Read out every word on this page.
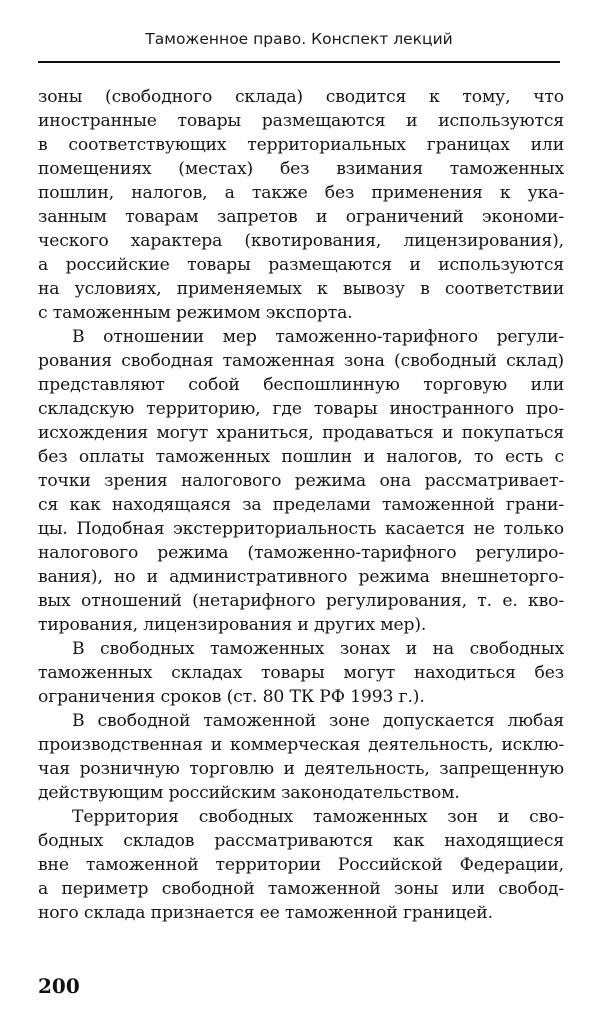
Таможенное право. Конспект лекций
зоны (свободного склада) сводится к тому, что
иностранные товары размещаются и используются
в соответствующих территориальных границах или
помещениях (местах) без взимания таможенных
пошлин, налогов, а также без применения к ука-
занным товарам запретов и ограничений экономи-
ческого характера (квотирования, лицензирования),
а российские товары размещаются и используются
на условиях, применяемых к вывозу в соответствии
с таможенным режимом экспорта.
В отношении мер таможенно-тарифного регули-
рования свободная таможенная зона (свободный склад)
представляют собой беспошлинную торговую или
складскую территорию, где товары иностранного про-
исхождения могут храниться, продаваться и покупаться
без оплаты таможенных пошлин и налогов, то есть с
точки зрения налогового режима она рассматривает-
ся как находящаяся за пределами таможенной грани-
цы. Подобная экстерриториальность касается не только
налогового режима (таможенно-тарифного регулиро-
вания), но и административного режима внешнеторго-
вых отношений (нетарифного регулирования, т. е. кво-
тирования, лицензирования и других мер).
В свободных таможенных зонах и на свободных
таможенных складах товары могут находиться без
ограничения сроков (ст. 80 ТК РФ 1993 г.).
В свободной таможенной зоне допускается любая
производственная и коммерческая деятельность, исклю-
чая розничную торговлю и деятельность, запрещенную
действующим российским законодательством.
Территория свободных таможенных зон и сво-
бодных складов рассматриваются как находящиеся
вне таможенной территории Российской Федерации,
а периметр свободной таможенной зоны или свобод-
ного склада признается ее таможенной границей.
200
